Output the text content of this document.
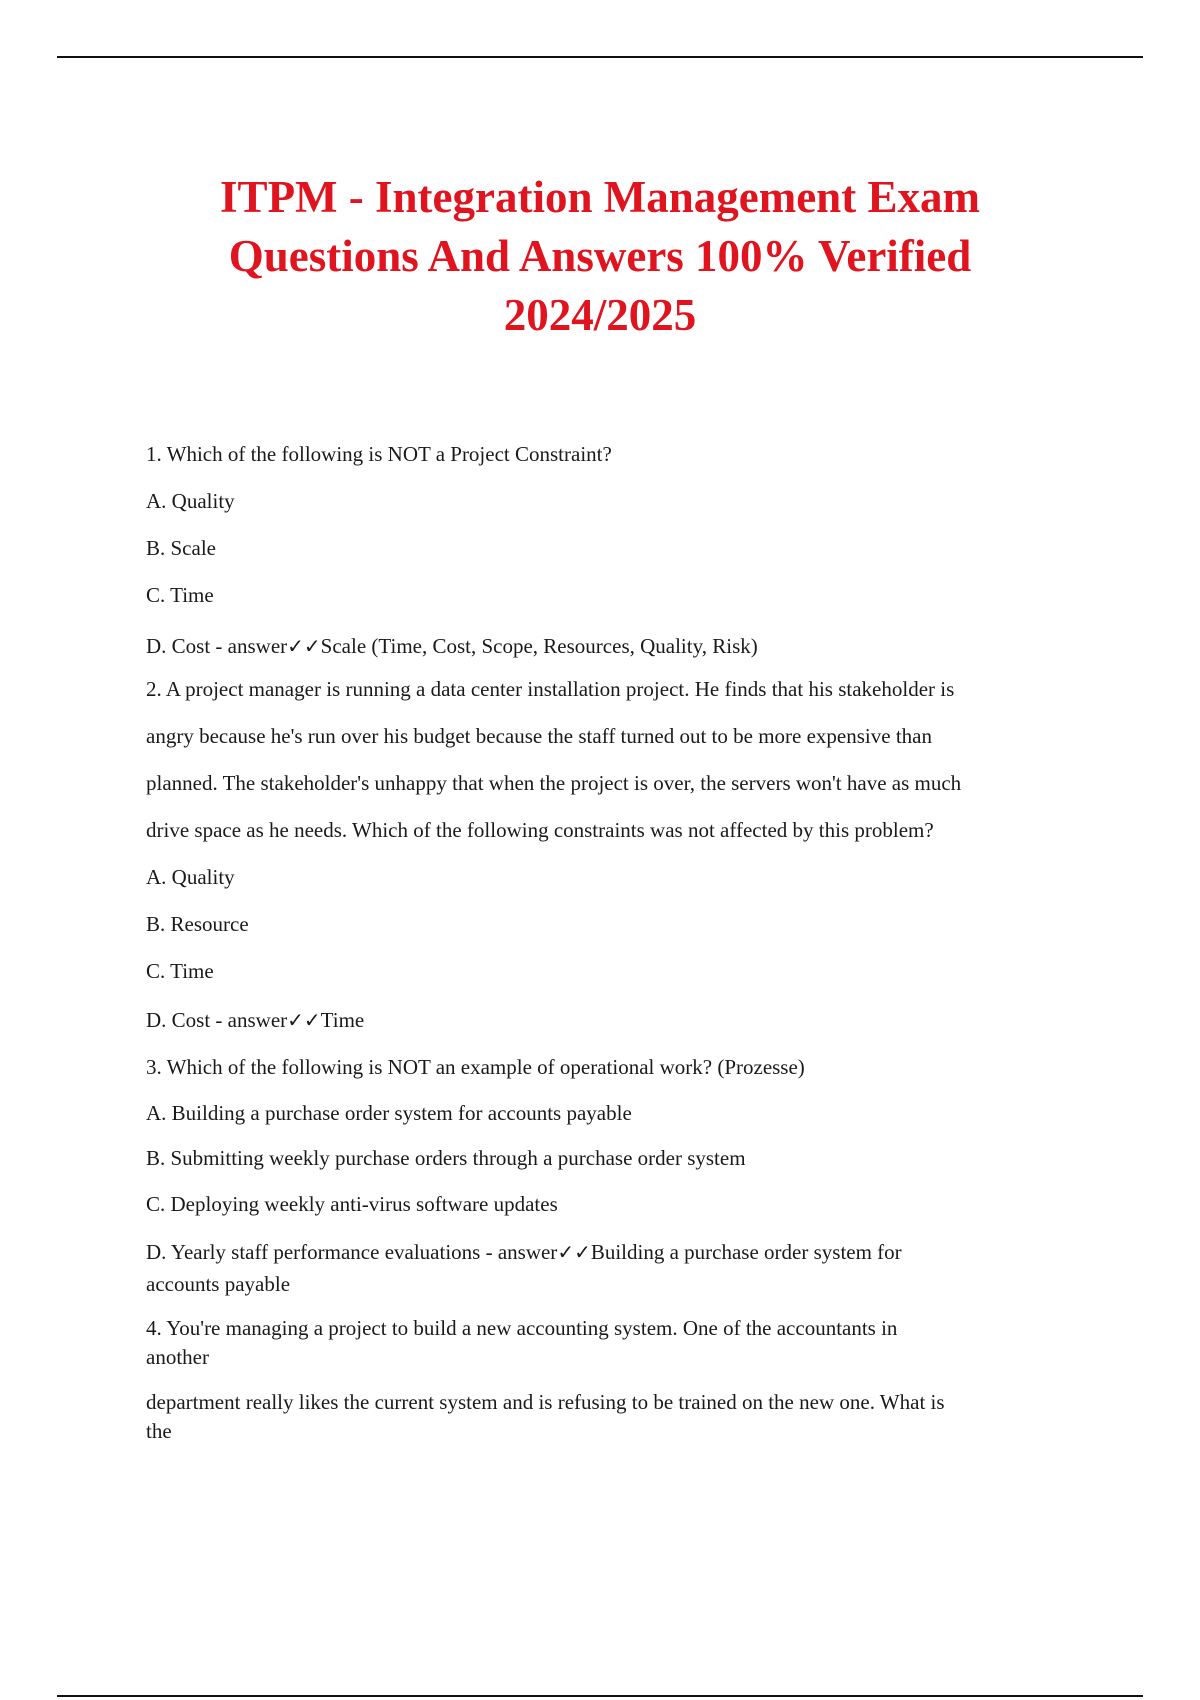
ITPM - Integration Management Exam
Questions And Answers 100% Verified
2024/2025

1. Which of the following is NOT a Project Constraint?

A. Quality

B. Scale

C. Time

D. Cost - answer✓✓Scale (Time, Cost, Scope, Resources, Quality, Risk)

2. A project manager is running a data center installation project. He finds that his stakeholder is

angry because he's run over his budget because the staff turned out to be more expensive than

planned. The stakeholder's unhappy that when the project is over, the servers won't have as much

drive space as he needs. Which of the following constraints was not affected by this problem?

A. Quality

B. Resource

C. Time

D. Cost - answer✓✓Time

3. Which of the following is NOT an example of operational work? (Prozesse)

A. Building a purchase order system for accounts payable

B. Submitting weekly purchase orders through a purchase order system

C. Deploying weekly anti-virus software updates

D. Yearly staff performance evaluations - answer✓✓Building a purchase order system for

accounts payable

4. You're managing a project to build a new accounting system. One of the accountants in

another

department really likes the current system and is refusing to be trained on the new one. What is

the
